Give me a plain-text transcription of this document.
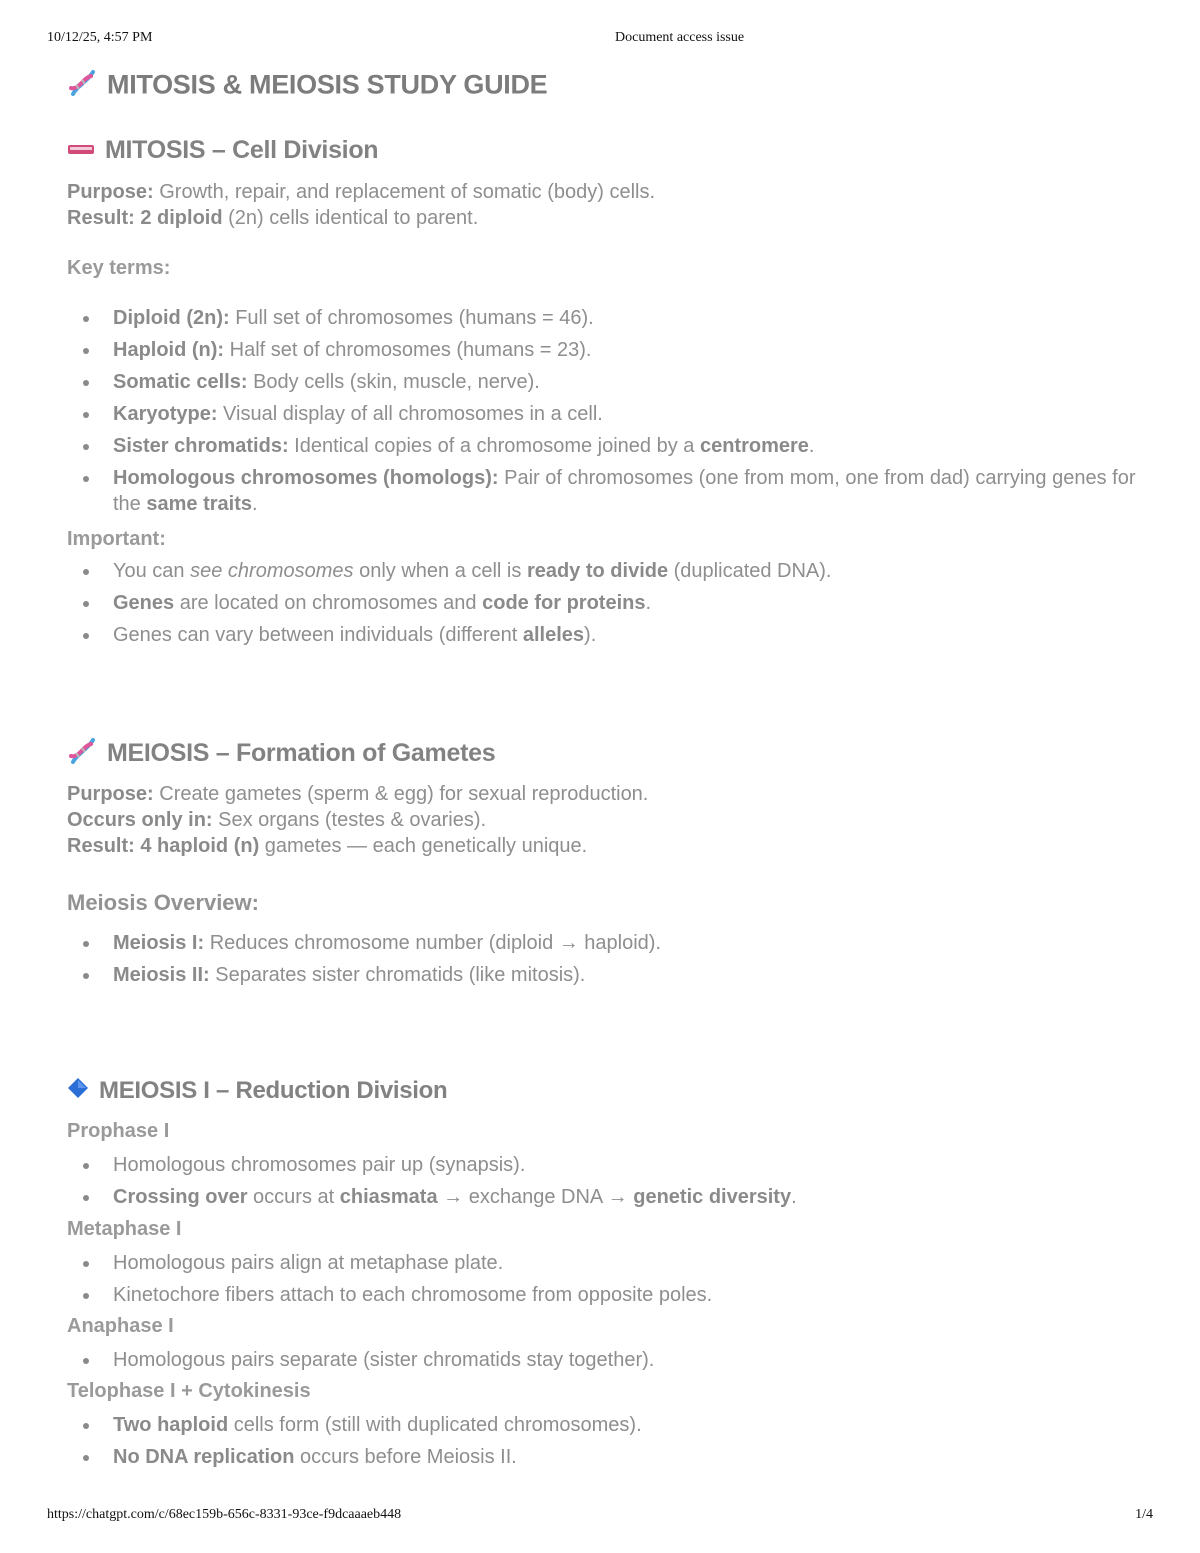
10/12/25, 4:57 PM	Document access issue
MITOSIS & MEIOSIS STUDY GUIDE
MITOSIS – Cell Division

Purpose: Growth, repair, and replacement of somatic (body) cells.

Result: 2 diploid (2n) cells identical to parent.

Key terms:

Diploid (2n): Full set of chromosomes (humans = 46).
Haploid (n): Half set of chromosomes (humans = 23).
Somatic cells: Body cells (skin, muscle, nerve).
Karyotype: Visual display of all chromosomes in a cell.
Sister chromatids: Identical copies of a chromosome joined by a centromere.
Homologous chromosomes (homologs): Pair of chromosomes (one from mom, one from dad) carrying genes for the same traits.

Important:

You can see chromosomes only when a cell is ready to divide (duplicated DNA).
Genes are located on chromosomes and code for proteins.
Genes can vary between individuals (different alleles).
MEIOSIS – Formation of Gametes

Purpose: Create gametes (sperm & egg) for sexual reproduction.

Occurs only in: Sex organs (testes & ovaries).

Result: 4 haploid (n) gametes — each genetically unique.

Meiosis Overview:
Meiosis I: Reduces chromosome number (diploid → haploid).
Meiosis II: Separates sister chromatids (like mitosis).
MEIOSIS I – Reduction Division

Prophase I

Homologous chromosomes pair up (synapsis).
Crossing over occurs at chiasmata → exchange DNA → genetic diversity.

Metaphase I

Homologous pairs align at metaphase plate.
Kinetochore fibers attach to each chromosome from opposite poles.

Anaphase I

Homologous pairs separate (sister chromatids stay together).

Telophase I + Cytokinesis

Two haploid cells form (still with duplicated chromosomes).
No DNA replication occurs before Meiosis II.
https://chatgpt.com/c/68ec159b-656c-8331-93ce-f9dcaaaeb448	1/4
